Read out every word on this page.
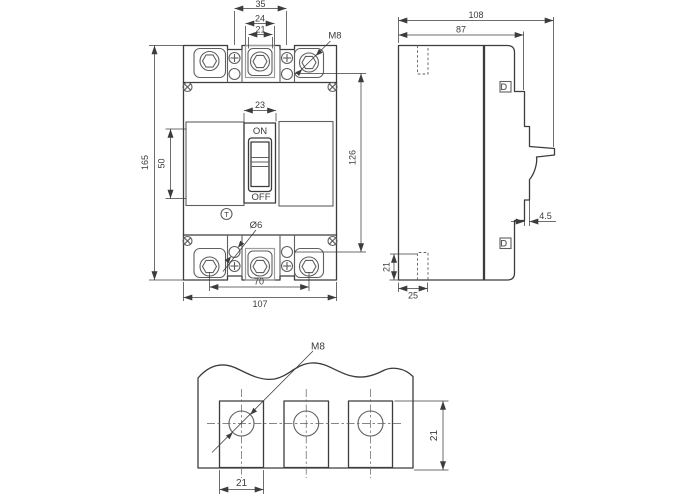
ON
OFF
T
Ø6
M8
35
24
21
23
50
165	126
70
107
108
87
4.5
25
21
M8
21
21
